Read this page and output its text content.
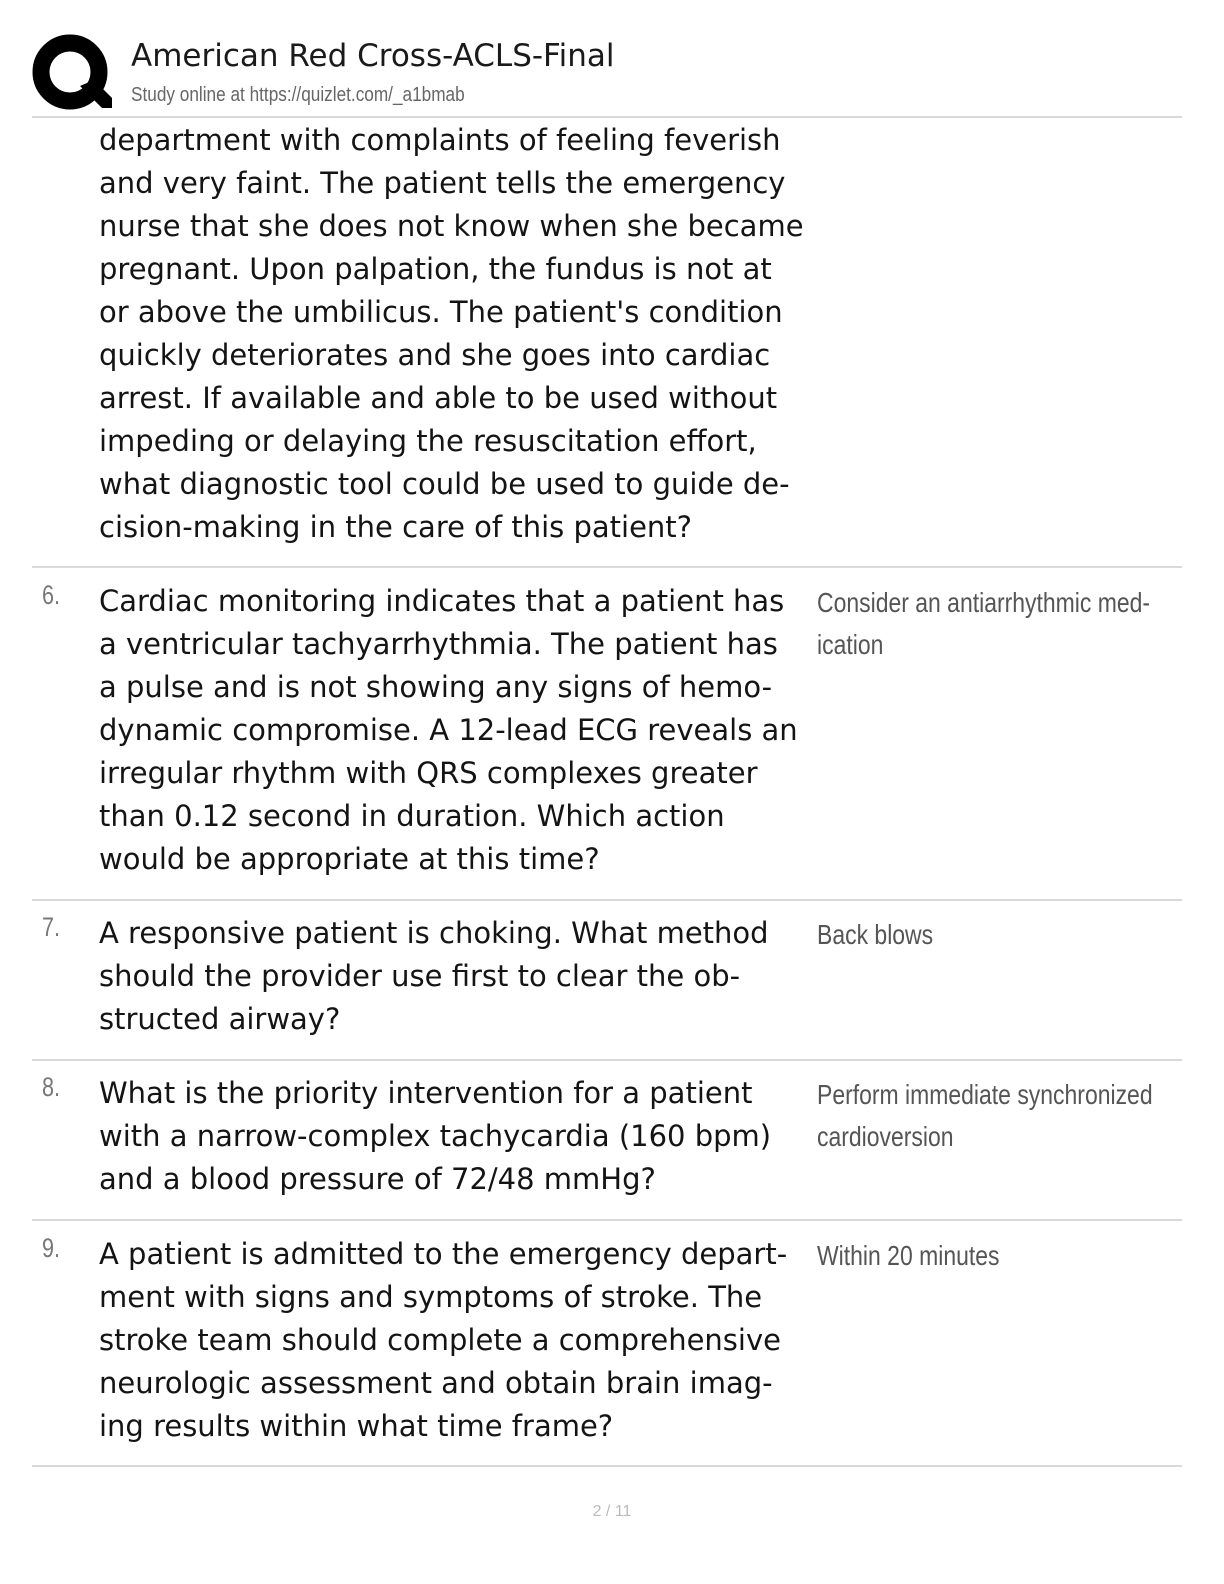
American Red Cross-ACLS-Final
Study online at https://quizlet.com/_a1bmab
department with complaints of feeling feverish
and very faint. The patient tells the emergency
nurse that she does not know when she became
pregnant. Upon palpation, the fundus is not at
or above the umbilicus. The patient's condition
quickly deteriorates and she goes into cardiac
arrest. If available and able to be used without
impeding or delaying the resuscitation effort,
what diagnostic tool could be used to guide de-
cision-making in the care of this patient?
6. Cardiac monitoring indicates that a patient has
a ventricular tachyarrhythmia. The patient has
a pulse and is not showing any signs of hemo-
dynamic compromise. A 12-lead ECG reveals an
irregular rhythm with QRS complexes greater
than 0.12 second in duration. Which action
would be appropriate at this time?
Consider an antiarrhythmic med-
ication
7. A responsive patient is choking. What method
should the provider use first to clear the ob-
structed airway?
Back blows
8. What is the priority intervention for a patient
with a narrow-complex tachycardia (160 bpm)
and a blood pressure of 72/48 mmHg?
Perform immediate synchronized
cardioversion
9. A patient is admitted to the emergency depart-
ment with signs and symptoms of stroke. The
stroke team should complete a comprehensive
neurologic assessment and obtain brain imag-
ing results within what time frame?
Within 20 minutes
2 / 11
